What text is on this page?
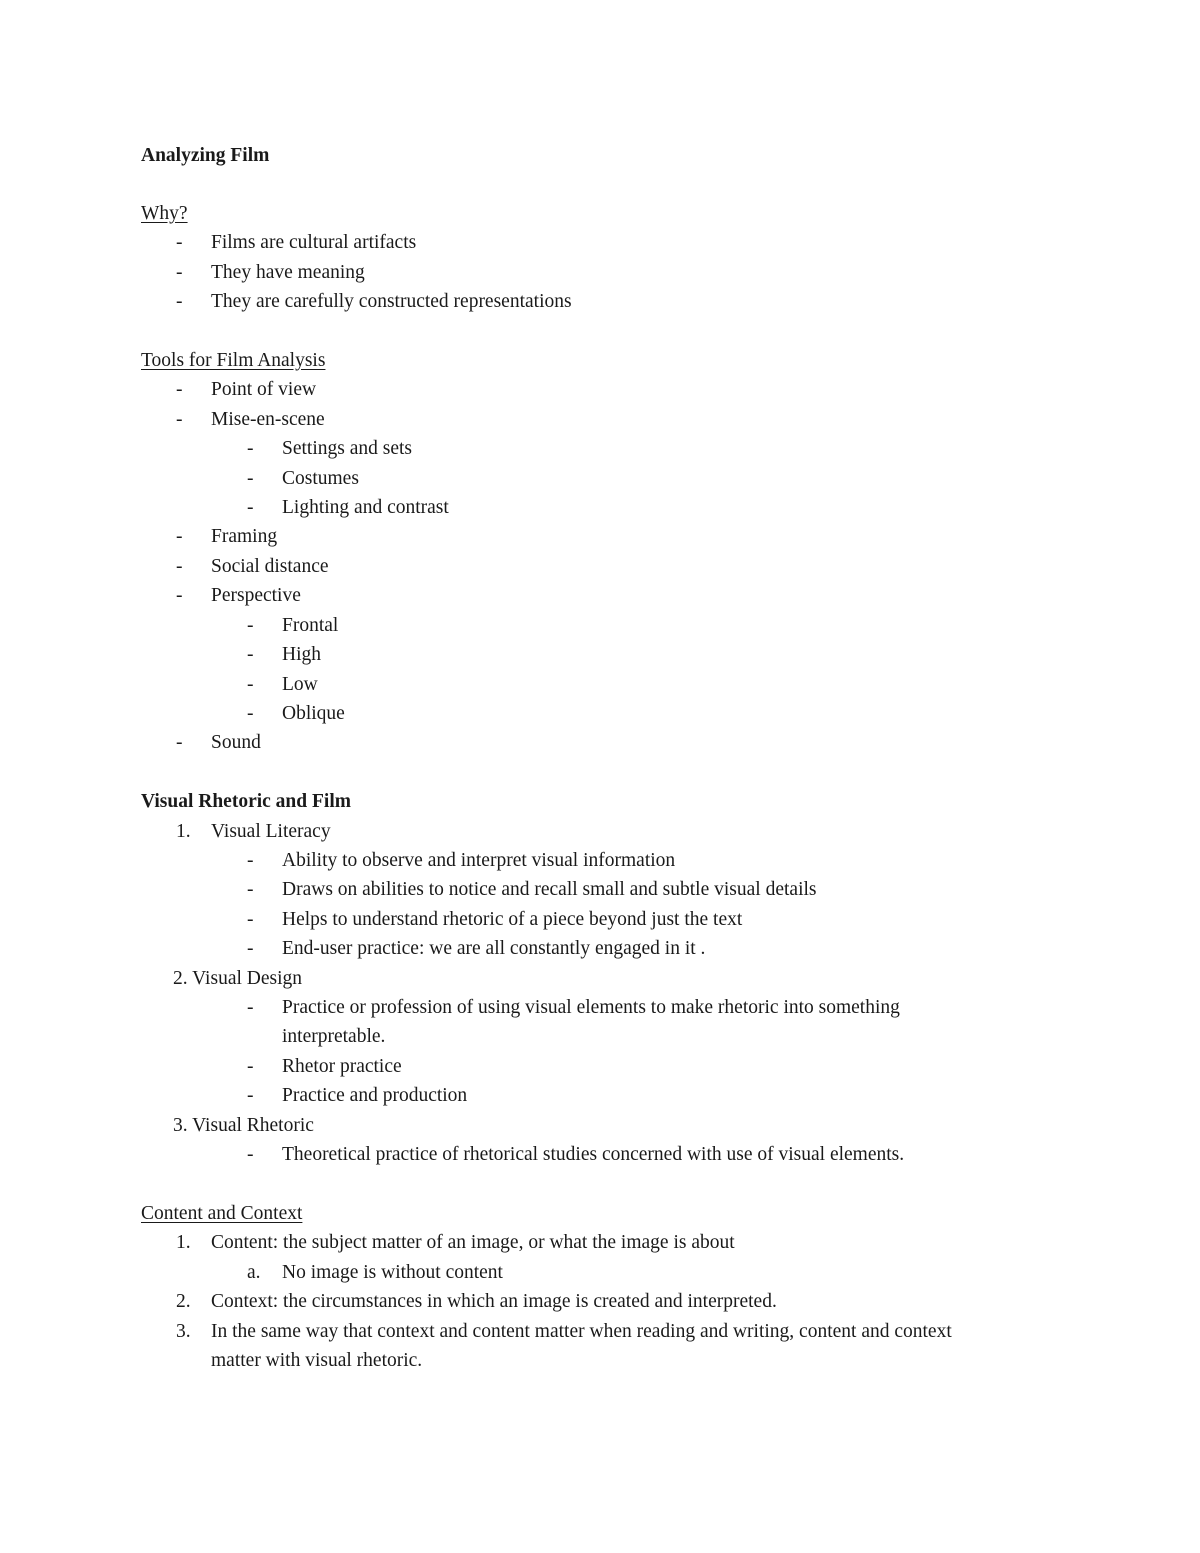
Analyzing Film
Why?
- Films are cultural artifacts
- They have meaning
- They are carefully constructed representations
Tools for Film Analysis
- Point of view
- Mise-en-scene
- Settings and sets
- Costumes
- Lighting and contrast
- Framing
- Social distance
- Perspective
- Frontal
- High
- Low
- Oblique
- Sound
Visual Rhetoric and Film
1. Visual Literacy
- Ability to observe and interpret visual information
- Draws on abilities to notice and recall small and subtle visual details
- Helps to understand rhetoric of a piece beyond just the text
- End-user practice: we are all constantly engaged in it .
2. Visual Design
- Practice or profession of using visual elements to make rhetoric into something
interpretable.
- Rhetor practice
- Practice and production
3. Visual Rhetoric
- Theoretical practice of rhetorical studies concerned with use of visual elements.
Content and Context
1. Content: the subject matter of an image, or what the image is about
a. No image is without content
2. Context: the circumstances in which an image is created and interpreted.
3. In the same way that context and content matter when reading and writing, content and context
matter with visual rhetoric.
